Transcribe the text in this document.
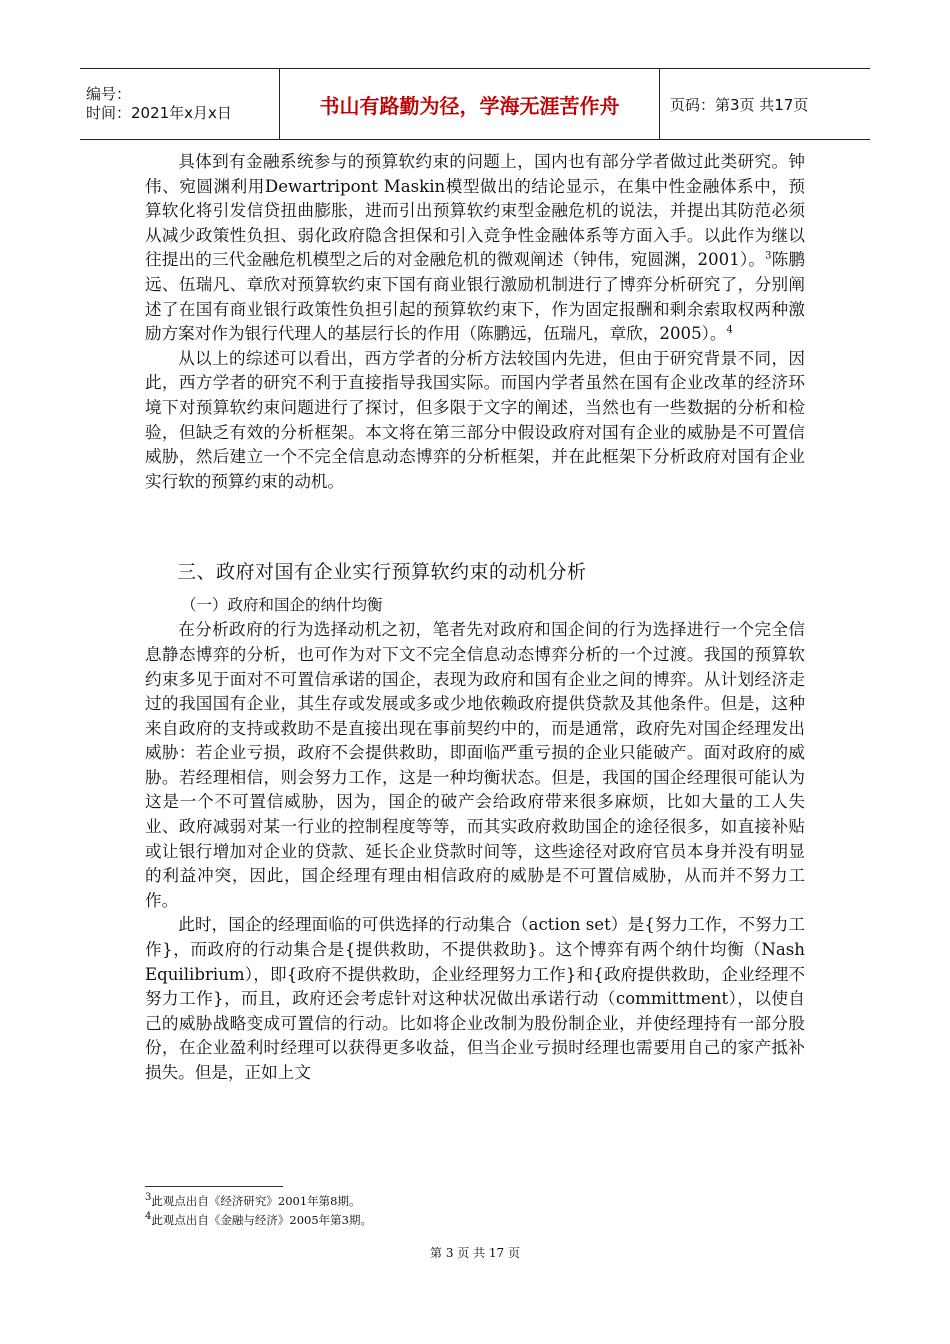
编号：
时间：2021年x月x日	书山有路勤为径，学海无涯苦作舟	页码：第3页 共17页

具体到有金融系统参与的预算软约束的问题上，国内也有部分学者做过此类研究。钟伟、宛圆渊利用Dewartripont Maskin模型做出的结论显示，在集中性金融体系中，预算软化将引发信贷扭曲膨胀，进而引出预算软约束型金融危机的说法，并提出其防范必须从减少政策性负担、弱化政府隐含担保和引入竞争性金融体系等方面入手。以此作为继以往提出的三代金融危机模型之后的对金融危机的微观阐述（钟伟，宛圆渊，2001）。$^3$陈鹏远、伍瑞凡、章欣对预算软约束下国有商业银行激励机制进行了博弈分析研究了，分别阐述了在国有商业银行政策性负担引起的预算软约束下，作为固定报酬和剩余索取权两种激励方案对作为银行代理人的基层行长的作用（陈鹏远，伍瑞凡，章欣，2005）。$^4$

从以上的综述可以看出，西方学者的分析方法较国内先进，但由于研究背景不同，因此，西方学者的研究不利于直接指导我国实际。而国内学者虽然在国有企业改革的经济环境下对预算软约束问题进行了探讨，但多限于文字的阐述，当然也有一些数据的分析和检验，但缺乏有效的分析框架。本文将在第三部分中假设政府对国有企业的威胁是不可置信威胁，然后建立一个不完全信息动态博弈的分析框架，并在此框架下分析政府对国有企业实行软的预算约束的动机。

三、政府对国有企业实行预算软约束的动机分析
（一）政府和国企的纳什均衡

在分析政府的行为选择动机之初，笔者先对政府和国企间的行为选择进行一个完全信息静态博弈的分析，也可作为对下文不完全信息动态博弈分析的一个过渡。我国的预算软约束多见于面对不可置信承诺的国企，表现为政府和国有企业之间的博弈。从计划经济走过的我国国有企业，其生存或发展或多或少地依赖政府提供贷款及其他条件。但是，这种来自政府的支持或救助不是直接出现在事前契约中的，而是通常，政府先对国企经理发出威胁：若企业亏损，政府不会提供救助，即面临严重亏损的企业只能破产。面对政府的威胁。若经理相信，则会努力工作，这是一种均衡状态。但是，我国的国企经理很可能认为这是一个不可置信威胁，因为，国企的破产会给政府带来很多麻烦，比如大量的工人失业、政府减弱对某一行业的控制程度等等，而其实政府救助国企的途径很多，如直接补贴或让银行增加对企业的贷款、延长企业贷款时间等，这些途径对政府官员本身并没有明显的利益冲突，因此，国企经理有理由相信政府的威胁是不可置信威胁，从而并不努力工作。

此时，国企的经理面临的可供选择的行动集合（action set）是{努力工作，不努力工作}，而政府的行动集合是{提供救助，不提供救助}。这个博弈有两个纳什均衡（Nash Equilibrium），即{政府不提供救助，企业经理努力工作}和{政府提供救助，企业经理不努力工作}，而且，政府还会考虑针对这种状况做出承诺行动（committment），以使自己的威胁战略变成可置信的行动。比如将企业改制为股份制企业，并使经理持有一部分股份，在企业盈利时经理可以获得更多收益，但当企业亏损时经理也需要用自己的家产抵补损失。但是，正如上文

$^3$此观点出自《经济研究》2001年第8期。
$^4$此观点出自《金融与经济》2005年第3期。
第 3 页 共 17 页
